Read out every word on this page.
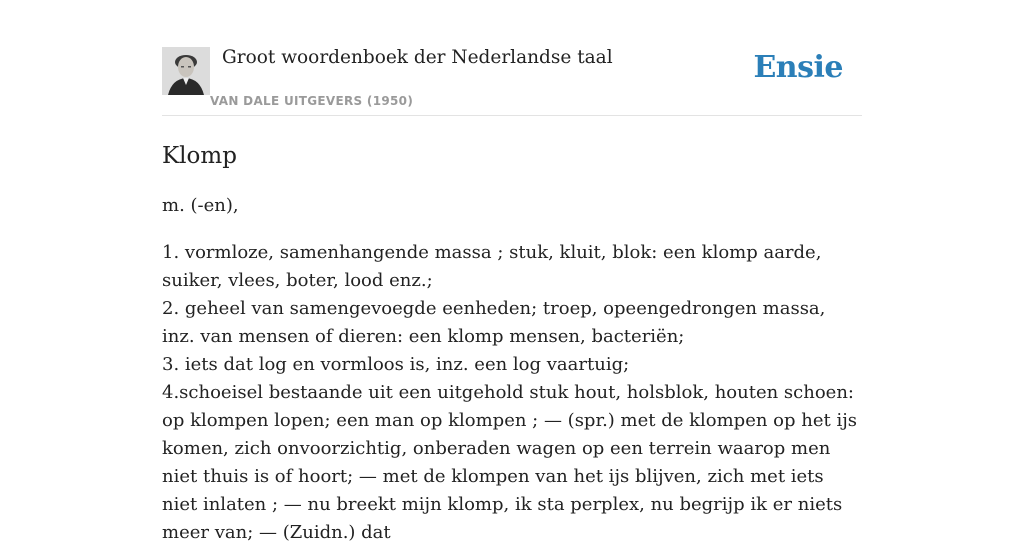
Groot woordenboek der Nederlandse taal
VAN DALE UITGEVERS (1950)
Ensie
Klomp
m. (-en),

1. vormloze, samenhangende massa ; stuk, kluit, blok: een klomp aarde, suiker, vlees, boter, lood enz.;

2. geheel van samengevoegde eenheden; troep, opeengedrongen massa, inz. van mensen of dieren: een klomp mensen, bacteriën;

3. iets dat log en vormloos is, inz. een log vaartuig;

4.schoeisel bestaande uit een uitgehold stuk hout, holsblok, houten schoen: op klompen lopen; een man op klompen ; — (spr.) met de klompen op het ijs komen, zich onvoorzichtig, onberaden wagen op een terrein waarop men niet thuis is of hoort; — met de klompen van het ijs blijven, zich met iets niet inlaten ; — nu breekt mijn klomp, ik sta perplex, nu begrijp ik er niets meer van; — (Zuidn.) dat
